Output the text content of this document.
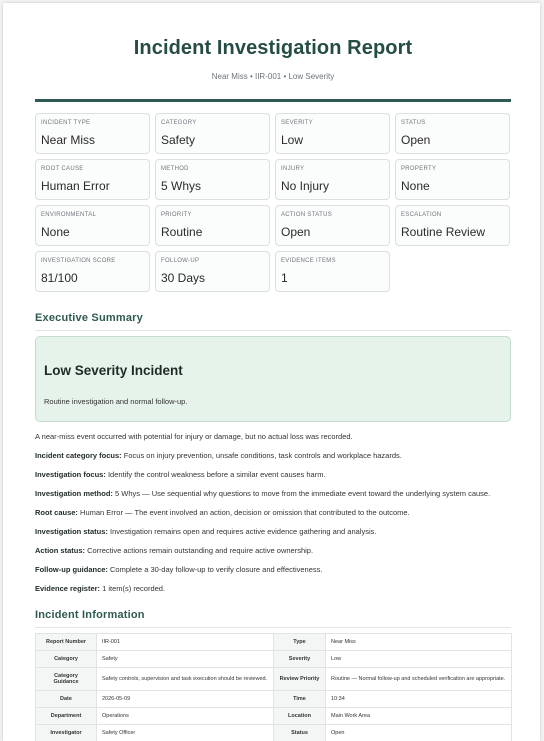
Incident Investigation Report
Near Miss • IIR-001 • Low Severity
INCIDENT TYPE
Near Miss
CATEGORY
Safety
SEVERITY
Low
STATUS
Open
ROOT CAUSE
Human Error
METHOD
5 Whys
INJURY
No Injury
PROPERTY
None
ENVIRONMENTAL
None
PRIORITY
Routine
ACTION STATUS
Open
ESCALATION
Routine Review
INVESTIGATION SCORE
81/100
FOLLOW-UP
30 Days
EVIDENCE ITEMS
1
Executive Summary
Low Severity Incident
Routine investigation and normal follow-up.
A near-miss event occurred with potential for injury or damage, but no actual loss was recorded.
Incident category focus: Focus on injury prevention, unsafe conditions, task controls and workplace hazards.
Investigation focus: Identify the control weakness before a similar event causes harm.
Investigation method: 5 Whys — Use sequential why questions to move from the immediate event toward the underlying system cause.
Root cause: Human Error — The event involved an action, decision or omission that contributed to the outcome.
Investigation status: Investigation remains open and requires active evidence gathering and analysis.
Action status: Corrective actions remain outstanding and require active ownership.
Follow-up guidance: Complete a 30-day follow-up to verify closure and effectiveness.
Evidence register: 1 item(s) recorded.
Incident Information
Report Number	IIR-001	Type	Near Miss
Category	Safety	Severity	Low
Category Guidance	Safety controls, supervision and task execution should be reviewed.	Review Priority	Routine — Normal follow-up and scheduled verification are appropriate.
Date	2026-05-09	Time	10:34
Department	Operations	Location	Main Work Area
Investigator	Safety Officer	Status	Open
